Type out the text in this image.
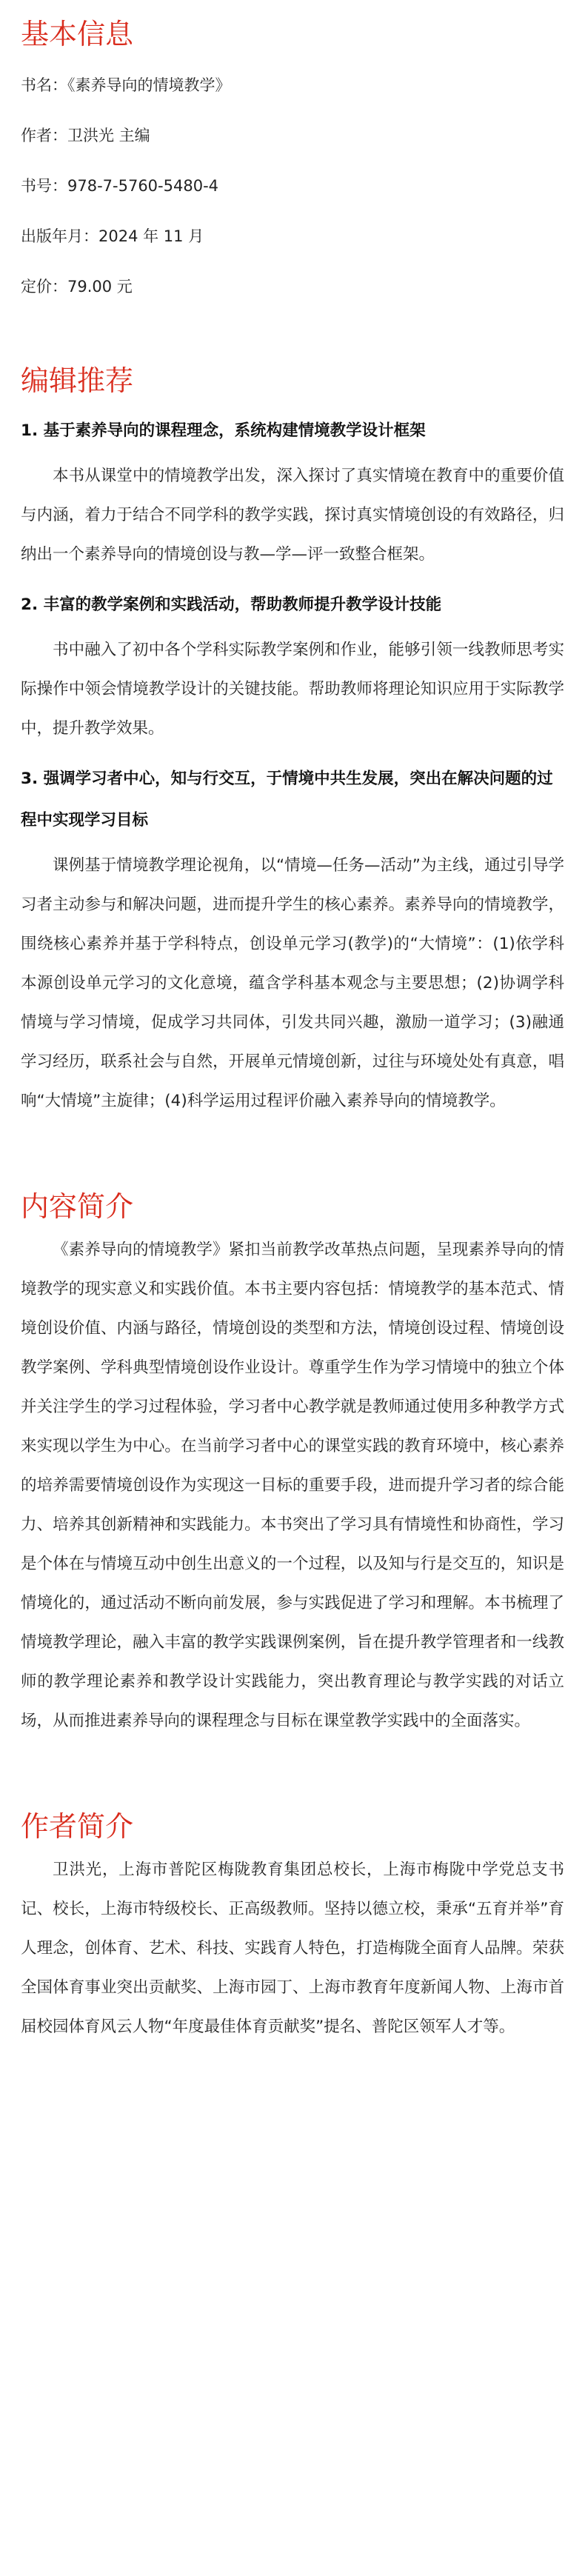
基本信息

书名：《素养导向的情境教学》

作者：卫洪光 主编

书号：978-7-5760-5480-4

出版年月：2024 年 11 月

定价：79.00 元

编辑推荐

1. 基于素养导向的课程理念，系统构建情境教学设计框架

本书从课堂中的情境教学出发，深入探讨了真实情境在教育中的重要价值与内涵，着力于结合不同学科的教学实践，探讨真实情境创设的有效路径，归纳出一个素养导向的情境创设与教—学—评一致整合框架。

2. 丰富的教学案例和实践活动，帮助教师提升教学设计技能

书中融入了初中各个学科实际教学案例和作业，能够引领一线教师思考实际操作中领会情境教学设计的关键技能。帮助教师将理论知识应用于实际教学中，提升教学效果。

3. 强调学习者中心，知与行交互，于情境中共生发展，突出在解决问题的过程中实现学习目标

课例基于情境教学理论视角，以“情境—任务—活动”为主线，通过引导学习者主动参与和解决问题，进而提升学生的核心素养。素养导向的情境教学，围绕核心素养并基于学科特点，创设单元学习(教学)的“大情境”：(1)依学科本源创设单元学习的文化意境，蕴含学科基本观念与主要思想；(2)协调学科情境与学习情境，促成学习共同体，引发共同兴趣，激励一道学习；(3)融通学习经历，联系社会与自然，开展单元情境创新，过往与环境处处有真意，唱响“大情境”主旋律；(4)科学运用过程评价融入素养导向的情境教学。

内容简介

《素养导向的情境教学》紧扣当前教学改革热点问题，呈现素养导向的情境教学的现实意义和实践价值。本书主要内容包括：情境教学的基本范式、情境创设价值、内涵与路径，情境创设的类型和方法，情境创设过程、情境创设教学案例、学科典型情境创设作业设计。尊重学生作为学习情境中的独立个体并关注学生的学习过程体验，学习者中心教学就是教师通过使用多种教学方式来实现以学生为中心。在当前学习者中心的课堂实践的教育环境中，核心素养的培养需要情境创设作为实现这一目标的重要手段，进而提升学习者的综合能力、培养其创新精神和实践能力。本书突出了学习具有情境性和协商性，学习是个体在与情境互动中创生出意义的一个过程，以及知与行是交互的，知识是情境化的，通过活动不断向前发展，参与实践促进了学习和理解。本书梳理了情境教学理论，融入丰富的教学实践课例案例，旨在提升教学管理者和一线教师的教学理论素养和教学设计实践能力，突出教育理论与教学实践的对话立场，从而推进素养导向的课程理念与目标在课堂教学实践中的全面落实。

作者简介

卫洪光，上海市普陀区梅陇教育集团总校长，上海市梅陇中学党总支书记、校长，上海市特级校长、正高级教师。坚持以德立校，秉承“五育并举”育人理念，创体育、艺术、科技、实践育人特色，打造梅陇全面育人品牌。荣获全国体育事业突出贡献奖、上海市园丁、上海市教育年度新闻人物、上海市首届校园体育风云人物“年度最佳体育贡献奖”提名、普陀区领军人才等。
